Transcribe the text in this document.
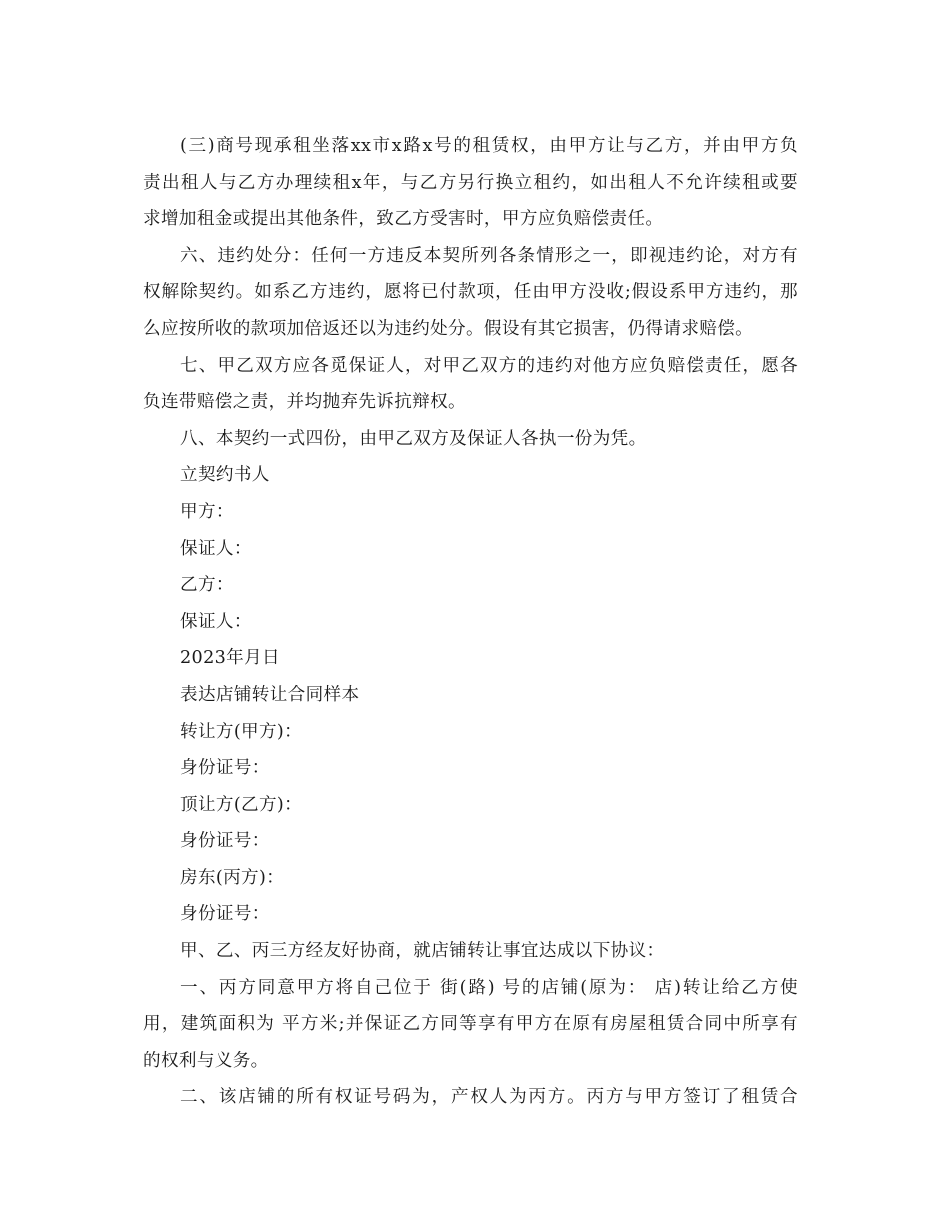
(三)商号现承租坐落xx市x路x号的租赁权，由甲方让与乙方，并由甲方负
责出租人与乙方办理续租x年，与乙方另行换立租约，如出租人不允许续租或要
求增加租金或提出其他条件，致乙方受害时，甲方应负赔偿责任。
六、违约处分：任何一方违反本契所列各条情形之一，即视违约论，对方有
权解除契约。如系乙方违约，愿将已付款项，任由甲方没收;假设系甲方违约，那
么应按所收的款项加倍返还以为违约处分。假设有其它损害，仍得请求赔偿。
七、甲乙双方应各觅保证人，对甲乙双方的违约对他方应负赔偿责任，愿各
负连带赔偿之责，并均抛弃先诉抗辩权。
八、本契约一式四份，由甲乙双方及保证人各执一份为凭。
立契约书人
甲方：
保证人：
乙方：
保证人：
2023年月日
表达店铺转让合同样本
转让方(甲方)：
身份证号：
顶让方(乙方)：
身份证号：
房东(丙方)：
身份证号：
甲、乙、丙三方经友好协商，就店铺转让事宜达成以下协议：
一、丙方同意甲方将自己位于 街(路) 号的店铺(原为： 店)转让给乙方使
用，建筑面积为 平方米;并保证乙方同等享有甲方在原有房屋租赁合同中所享有
的权利与义务。
二、该店铺的所有权证号码为，产权人为丙方。丙方与甲方签订了租赁合
